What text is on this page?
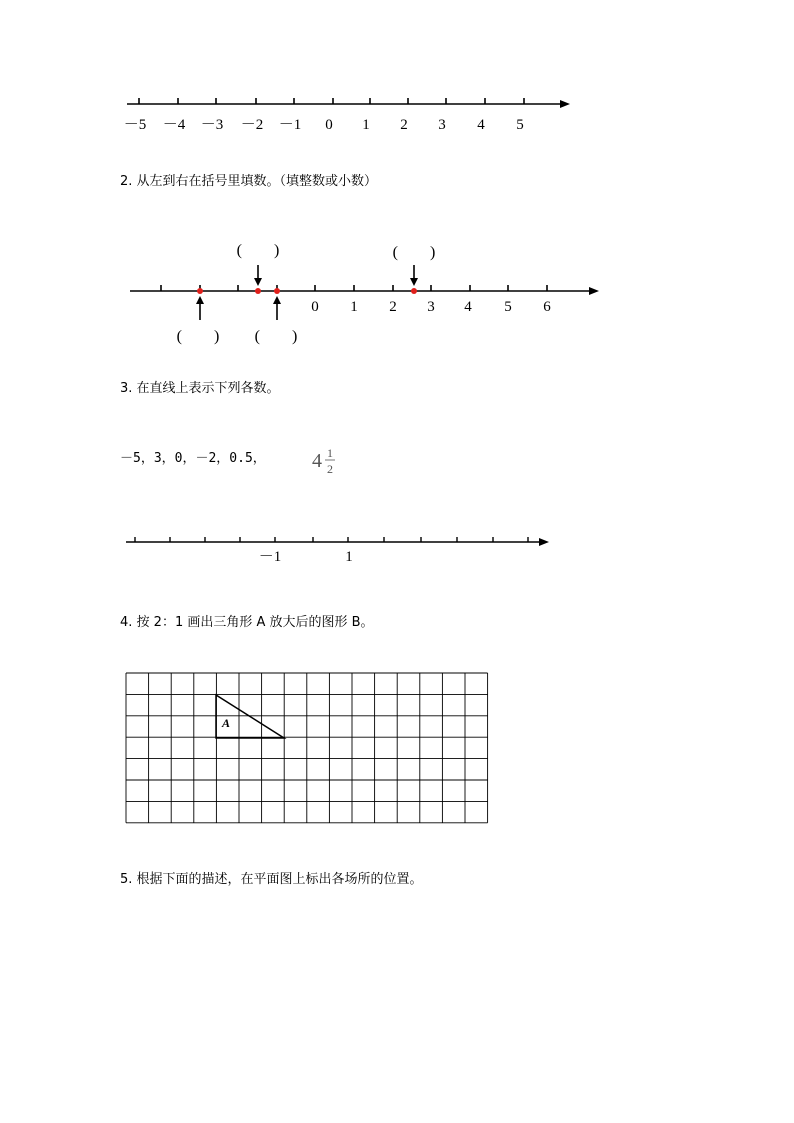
－5 －4 －3 －2 －1 0 1 2 3 4 5
0 1 2 3 4 5 6
(　　)	(　　)
(　　) (　　)
－1	1
4 1
2
A
2. 从左到右在括号里填数。（填整数或小数）
3. 在直线上表示下列各数。
－5，3，0，－2，0.5，
4. 按 2：1 画出三角形 A 放大后的图形 B。
5. 根据下面的描述，在平面图上标出各场所的位置。
